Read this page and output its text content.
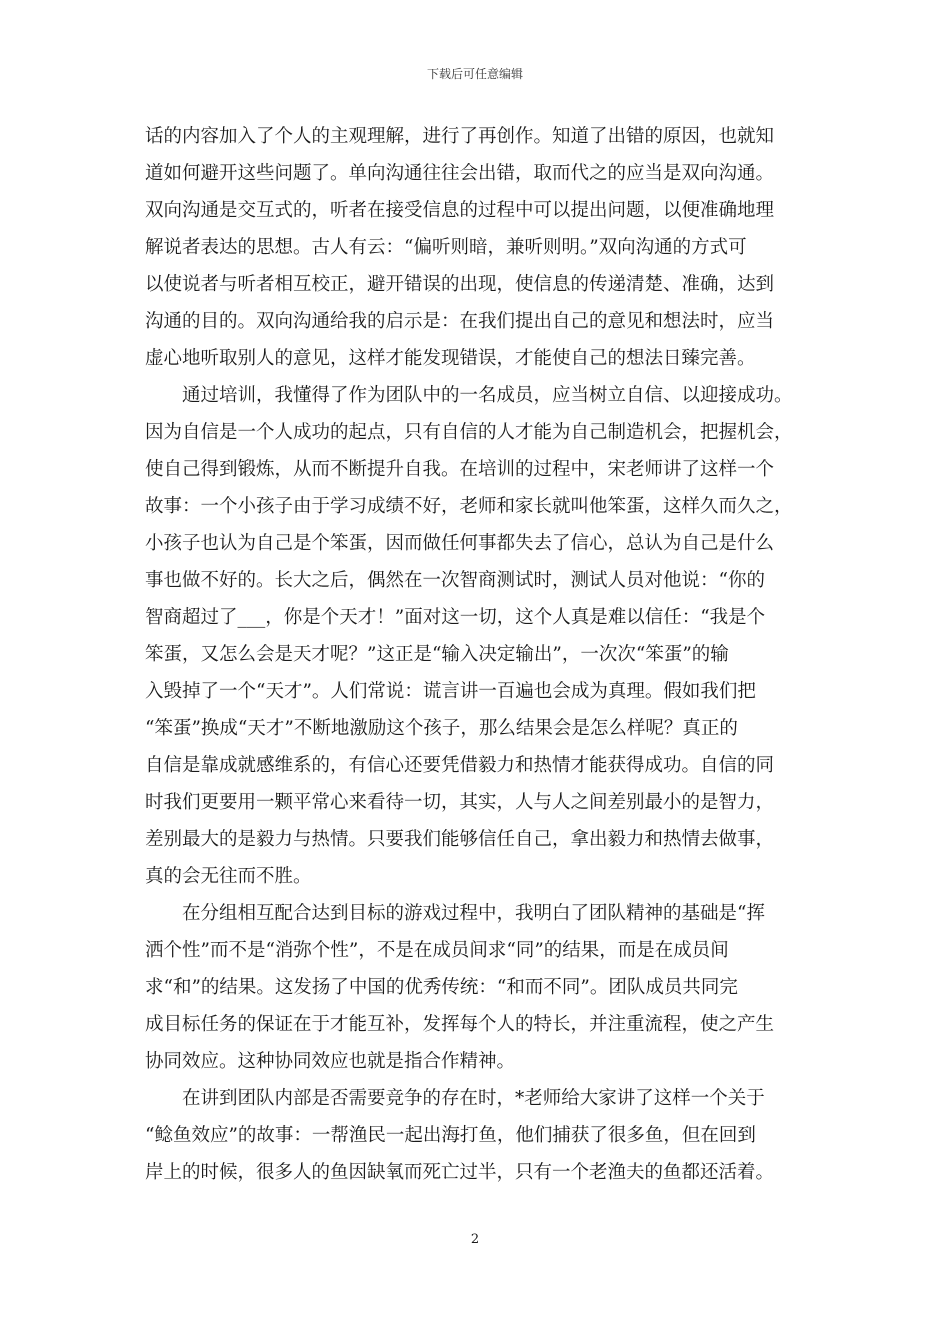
下载后可任意编辑
话的内容加入了个人的主观理解，进行了再创作。知道了出错的原因，也就知
道如何避开这些问题了。单向沟通往往会出错，取而代之的应当是双向沟通。
双向沟通是交互式的，听者在接受信息的过程中可以提出问题，以便准确地理
解说者表达的思想。古人有云：“偏听则暗，兼听则明。”双向沟通的方式可
以使说者与听者相互校正，避开错误的出现，使信息的传递清楚、准确，达到
沟通的目的。双向沟通给我的启示是：在我们提出自己的意见和想法时，应当
虚心地听取别人的意见，这样才能发现错误，才能使自己的想法日臻完善。
　　通过培训，我懂得了作为团队中的一名成员，应当树立自信、以迎接成功。
因为自信是一个人成功的起点，只有自信的人才能为自己制造机会，把握机会，
使自己得到锻炼，从而不断提升自我。在培训的过程中，宋老师讲了这样一个
故事：一个小孩子由于学习成绩不好，老师和家长就叫他笨蛋，这样久而久之，
小孩子也认为自己是个笨蛋，因而做任何事都失去了信心，总认为自己是什么
事也做不好的。长大之后，偶然在一次智商测试时，测试人员对他说：“你的
智商超过了___，你是个天才！”面对这一切，这个人真是难以信任：“我是个
笨蛋，又怎么会是天才呢？”这正是“输入决定输出”，一次次“笨蛋”的输
入毁掉了一个“天才”。人们常说：谎言讲一百遍也会成为真理。假如我们把
“笨蛋”换成“天才”不断地激励这个孩子，那么结果会是怎么样呢？真正的
自信是靠成就感维系的，有信心还要凭借毅力和热情才能获得成功。自信的同
时我们更要用一颗平常心来看待一切，其实，人与人之间差别最小的是智力，
差别最大的是毅力与热情。只要我们能够信任自己，拿出毅力和热情去做事，
真的会无往而不胜。
　　在分组相互配合达到目标的游戏过程中，我明白了团队精神的基础是“挥
洒个性”而不是“消弥个性”，不是在成员间求“同”的结果，而是在成员间
求“和”的结果。这发扬了中国的优秀传统：“和而不同”。团队成员共同完
成目标任务的保证在于才能互补，发挥每个人的特长，并注重流程，使之产生
协同效应。这种协同效应也就是指合作精神。
　　在讲到团队内部是否需要竞争的存在时，*老师给大家讲了这样一个关于
“鲶鱼效应”的故事：一帮渔民一起出海打鱼，他们捕获了很多鱼，但在回到
岸上的时候，很多人的鱼因缺氧而死亡过半，只有一个老渔夫的鱼都还活着。
2
